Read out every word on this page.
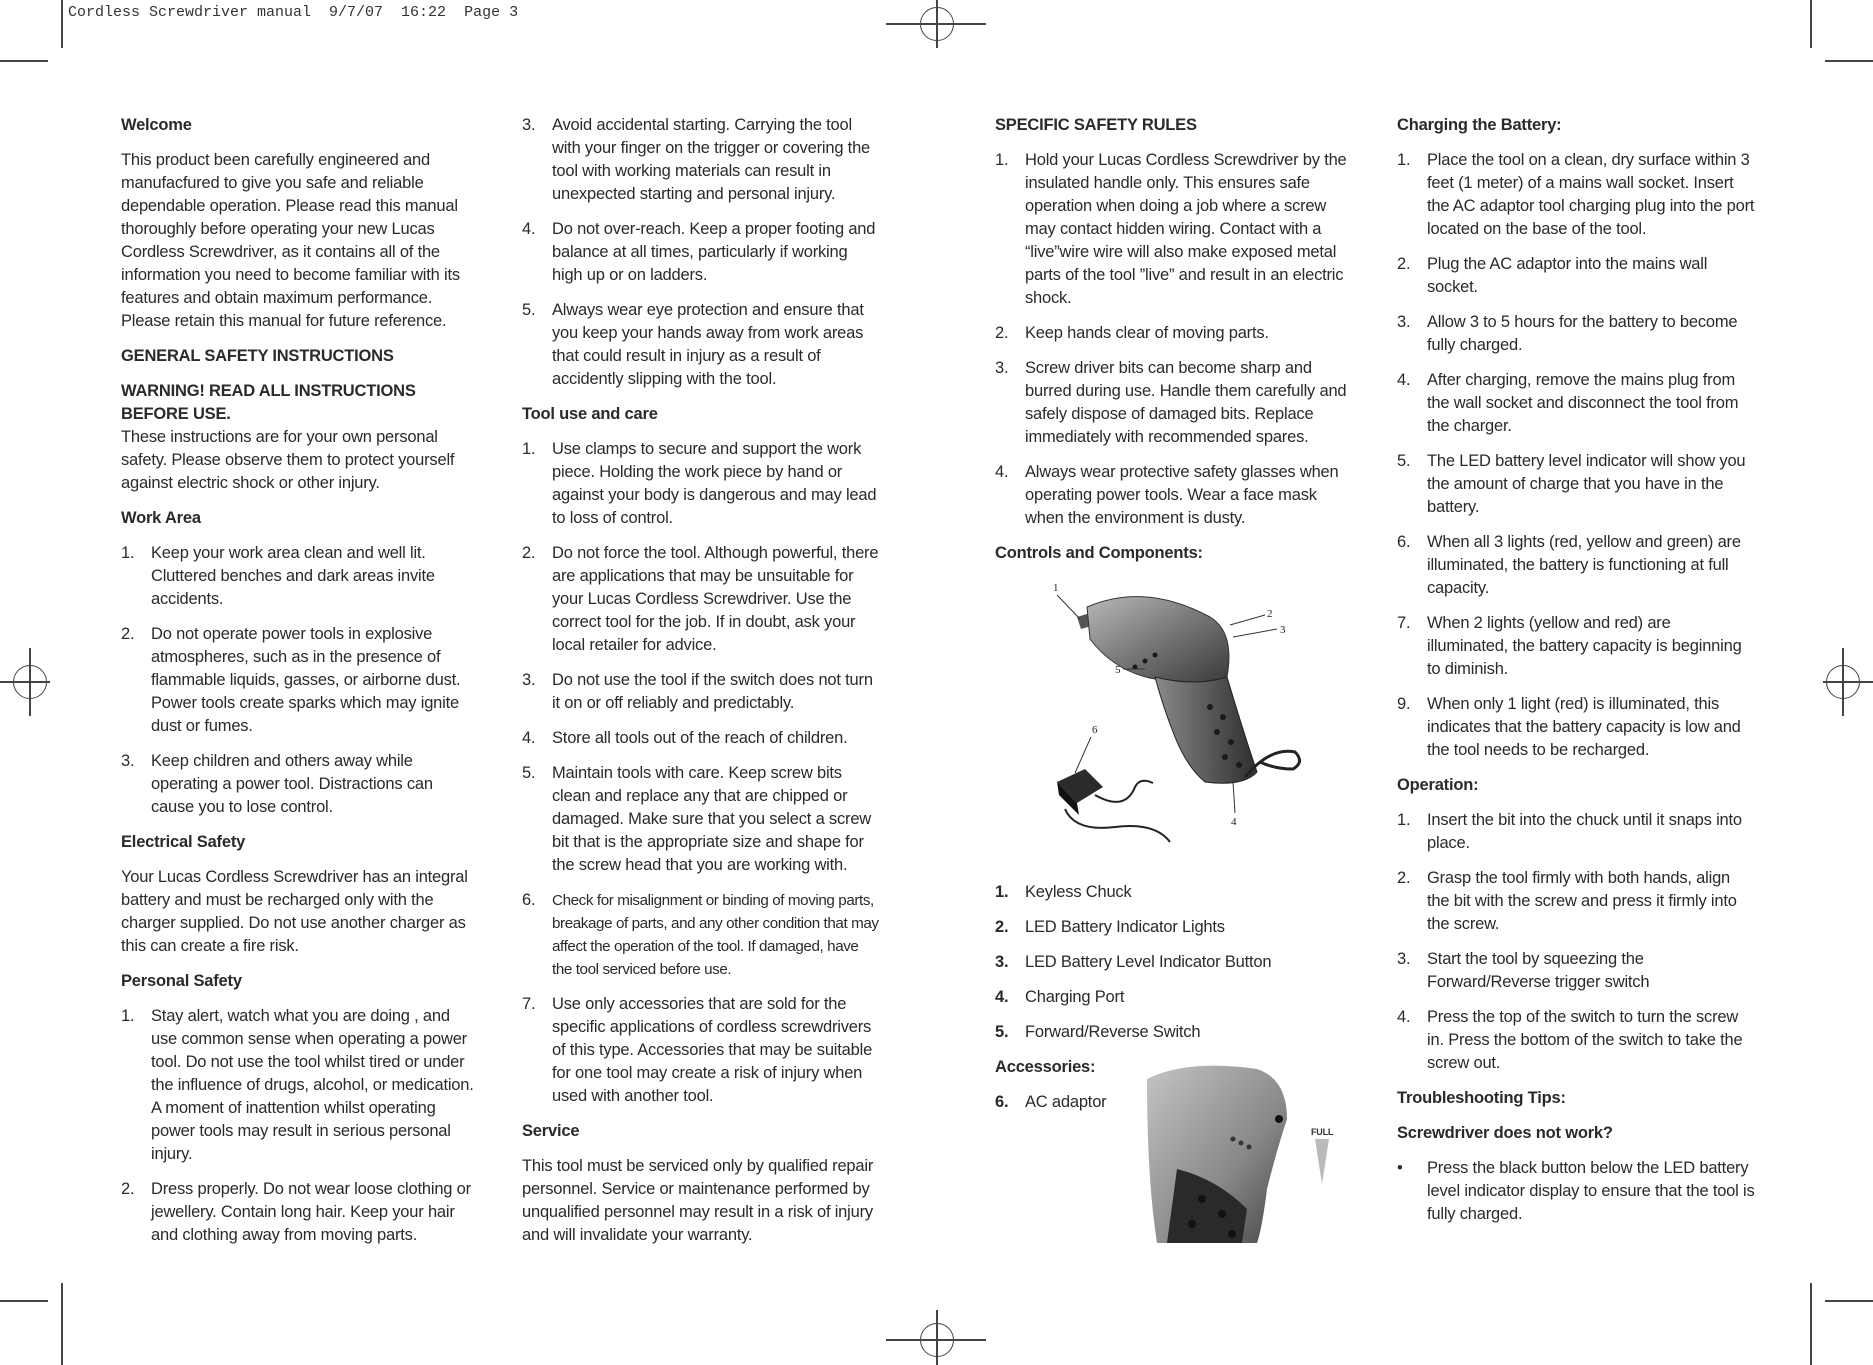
Cordless Screwdriver manual  9/7/07  16:22  Page 3
Welcome

This product been carefully engineered and manufacfured to give you safe and reliable dependable operation. Please read this manual thoroughly before operating your new Lucas Cordless Screwdriver, as it contains all of the information you need to become familiar with its features and obtain maximum performance. Please retain this manual for future reference.

GENERAL SAFETY INSTRUCTIONS
WARNING! READ ALL INSTRUCTIONS
BEFORE USE.

These instructions are for your own personal safety. Please observe them to protect yourself against electric shock or other injury.

Work Area
1.	Keep your work area clean and well lit. Cluttered benches and dark areas invite accidents.
2.	Do not operate power tools in explosive atmospheres, such as in the presence of flammable liquids, gasses, or airborne dust. Power tools create sparks which may ignite dust or fumes.
3.	Keep children and others away while operating a power tool. Distractions can cause you to lose control.
Electrical Safety

Your Lucas Cordless Screwdriver has an integral battery and must be recharged only with the charger supplied. Do not use another charger as this can create a fire risk.

Personal Safety
1.	Stay alert, watch what you are doing , and use common sense when operating a power tool. Do not use the tool whilst tired or under the influence of drugs, alcohol, or medication. A moment of inattention whilst operating power tools may result in serious personal injury.
2.	Dress properly. Do not wear loose clothing or jewellery. Contain long hair. Keep your hair and clothing away from moving parts.
3.	Avoid accidental starting. Carrying the tool with your finger on the trigger or covering the tool with working materials can result in unexpected starting and personal injury.
4.	Do not over-reach. Keep a proper footing and balance at all times, particularly if working high up or on ladders.
5.	Always wear eye protection and ensure that you keep your hands away from work areas that could result in injury as a result of accidently slipping with the tool.
Tool use and care
1.	Use clamps to secure and support the work piece. Holding the work piece by hand or against your body is dangerous and may lead to loss of control.
2.	Do not force the tool. Although powerful, there are applications that may be unsuitable for your Lucas Cordless Screwdriver. Use the correct tool for the job. If in doubt, ask your local retailer for advice.
3.	Do not use the tool if the switch does not turn it on or off reliably and predictably.
4.	Store all tools out of the reach of children.
5.	Maintain tools with care. Keep screw bits clean and replace any that are chipped or damaged. Make sure that you select a screw bit that is the appropriate size and shape for the screw head that you are working with.
6.	Check for misalignment or binding of moving parts, breakage of parts, and any other condition that may affect the operation of the tool. If damaged, have the tool serviced before use.
7.	Use only accessories that are sold for the specific applications of cordless screwdrivers of this type. Accessories that may be suitable for one tool may create a risk of injury when used with another tool.
Service

This tool must be serviced only by qualified repair personnel. Service or maintenance performed by unqualified personnel may result in a risk of injury and will invalidate your warranty.

SPECIFIC SAFETY RULES
1.	Hold your Lucas Cordless Screwdriver by the insulated handle only. This ensures safe operation when doing a job where a screw may contact hidden wiring. Contact with a “live”wire wire will also make exposed metal parts of the tool ”live” and result in an electric shock.
2.	Keep hands clear of moving parts.
3.	Screw driver bits can become sharp and burred during use. Handle them carefully and safely dispose of damaged bits. Replace immediately with recommended spares.
4.	Always wear protective safety glasses when operating power tools. Wear a face mask when the environment is dusty.
Controls and Components:
1
2
3
5
6
4
1.	Keyless Chuck
2.	LED Battery Indicator Lights
3.	LED Battery Level Indicator Button
4.	Charging Port
5.	Forward/Reverse Switch
Accessories:
6.	AC adaptor
FULL
Charging the Battery:
1.	Place the tool on a clean, dry surface within 3 feet (1 meter) of a mains wall socket. Insert the AC adaptor tool charging plug into the port located on the base of the tool.
2.	Plug the AC adaptor into the mains wall socket.
3.	Allow 3 to 5 hours for the battery to become fully charged.
4.	After charging, remove the mains plug from the wall socket and disconnect the tool from the charger.
5.	The LED battery level indicator will show you the amount of charge that you have in the battery.
6.	When all 3 lights (red, yellow and green) are illuminated, the battery is functioning at full capacity.
7.	When 2 lights (yellow and red) are illuminated, the battery capacity is beginning to diminish.
9.	When only 1 light (red) is illuminated, this indicates that the battery capacity is low and the tool needs to be recharged.
Operation:
1.	Insert the bit into the chuck until it snaps into place.
2.	Grasp the tool firmly with both hands, align the bit with the screw and press it firmly into the screw.
3.	Start the tool by squeezing the Forward/Reverse trigger switch
4.	Press the top of the switch to turn the screw in. Press the bottom of the switch to take the screw out.
Troubleshooting Tips:
Screwdriver does not work?
•	Press the black button below the LED battery level indicator display to ensure that the tool is fully charged.
